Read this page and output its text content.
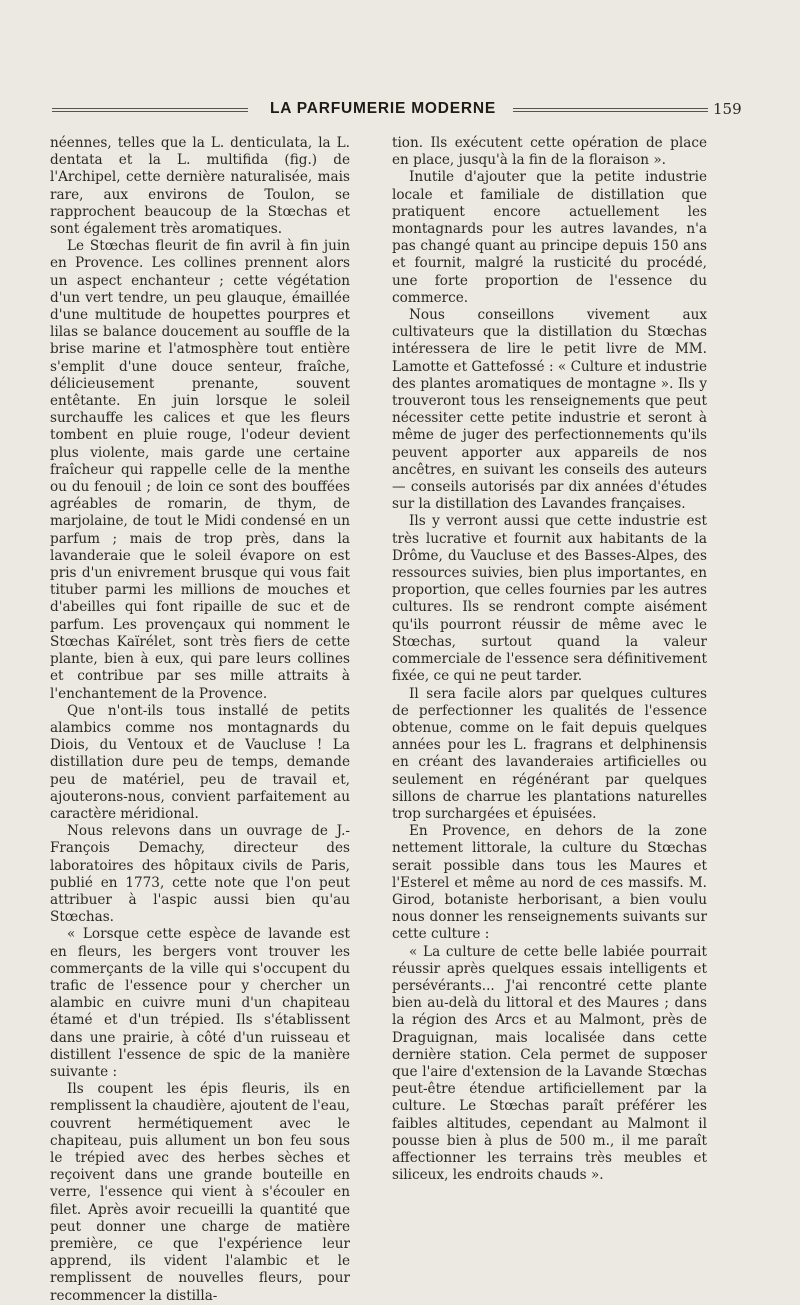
LA PARFUMERIE MODERNE	159

néennes, telles que la L. denticulata, la L. dentata et la L. multifida (fig.) de l'Archipel, cette dernière naturalisée, mais rare, aux environs de Toulon, se rapprochent beaucoup de la Stœchas et sont également très aromatiques.

Le Stœchas fleurit de fin avril à fin juin en Provence. Les collines prennent alors un aspect enchanteur ; cette végétation d'un vert tendre, un peu glauque, émaillée d'une multitude de houpettes pourpres et lilas se balance doucement au souffle de la brise marine et l'atmosphère tout entière s'emplit d'une douce senteur, fraîche, délicieusement prenante, souvent entêtante. En juin lorsque le soleil surchauffe les calices et que les fleurs tombent en pluie rouge, l'odeur devient plus violente, mais garde une certaine fraîcheur qui rappelle celle de la menthe ou du fenouil ; de loin ce sont des bouffées agréables de romarin, de thym, de marjolaine, de tout le Midi condensé en un parfum ; mais de trop près, dans la lavanderaie que le soleil évapore on est pris d'un enivrement brusque qui vous fait tituber parmi les millions de mouches et d'abeilles qui font ripaille de suc et de parfum. Les provençaux qui nomment le Stœchas Kaïrélet, sont très fiers de cette plante, bien à eux, qui pare leurs collines et contribue par ses mille attraits à l'enchantement de la Provence.

Que n'ont-ils tous installé de petits alambics comme nos montagnards du Diois, du Ventoux et de Vaucluse ! La distillation dure peu de temps, demande peu de matériel, peu de travail et, ajouterons-nous, convient parfaitement au caractère méridional.

Nous relevons dans un ouvrage de J.-François Demachy, directeur des laboratoires des hôpitaux civils de Paris, publié en 1773, cette note que l'on peut attribuer à l'aspic aussi bien qu'au Stœchas.

« Lorsque cette espèce de lavande est en fleurs, les bergers vont trouver les commerçants de la ville qui s'occupent du trafic de l'essence pour y chercher un alambic en cuivre muni d'un chapiteau étamé et d'un trépied. Ils s'établissent dans une prairie, à côté d'un ruisseau et distillent l'essence de spic de la manière suivante :

Ils coupent les épis fleuris, ils en remplissent la chaudière, ajoutent de l'eau, couvrent hermétiquement avec le chapiteau, puis allument un bon feu sous le trépied avec des herbes sèches et reçoivent dans une grande bouteille en verre, l'essence qui vient à s'écouler en filet. Après avoir recueilli la quantité que peut donner une charge de matière première, ce que l'expérience leur apprend, ils vident l'alambic et le remplissent de nouvelles fleurs, pour recommencer la distilla-

tion. Ils exécutent cette opération de place en place, jusqu'à la fin de la floraison ».

Inutile d'ajouter que la petite industrie locale et familiale de distillation que pratiquent encore actuellement les montagnards pour les autres lavandes, n'a pas changé quant au principe depuis 150 ans et fournit, malgré la rusticité du procédé, une forte proportion de l'essence du commerce.

Nous conseillons vivement aux cultivateurs que la distillation du Stœchas intéressera de lire le petit livre de MM. Lamotte et Gattefossé : « Culture et industrie des plantes aromatiques de montagne ». Ils y trouveront tous les renseignements que peut nécessiter cette petite industrie et seront à même de juger des perfectionnements qu'ils peuvent apporter aux appareils de nos ancêtres, en suivant les conseils des auteurs — conseils autorisés par dix années d'études sur la distillation des Lavandes françaises.

Ils y verront aussi que cette industrie est très lucrative et fournit aux habitants de la Drôme, du Vaucluse et des Basses-Alpes, des ressources suivies, bien plus importantes, en proportion, que celles fournies par les autres cultures. Ils se rendront compte aisément qu'ils pourront réussir de même avec le Stœchas, surtout quand la valeur commerciale de l'essence sera définitivement fixée, ce qui ne peut tarder.

Il sera facile alors par quelques cultures de perfectionner les qualités de l'essence obtenue, comme on le fait depuis quelques années pour les L. fragrans et delphinensis en créant des lavanderaies artificielles ou seulement en régénérant par quelques sillons de charrue les plantations naturelles trop surchargées et épuisées.

En Provence, en dehors de la zone nettement littorale, la culture du Stœchas serait possible dans tous les Maures et l'Esterel et même au nord de ces massifs. M. Girod, botaniste herborisant, a bien voulu nous donner les renseignements suivants sur cette culture :

« La culture de cette belle labiée pourrait réussir après quelques essais intelligents et persévérants... J'ai rencontré cette plante bien au-delà du littoral et des Maures ; dans la région des Arcs et au Malmont, près de Draguignan, mais localisée dans cette dernière station. Cela permet de supposer que l'aire d'extension de la Lavande Stœchas peut-être étendue artificiellement par la culture. Le Stœchas paraît préférer les faibles altitudes, cependant au Malmont il pousse bien à plus de 500 m., il me paraît affectionner les terrains très meubles et siliceux, les endroits chauds ».
